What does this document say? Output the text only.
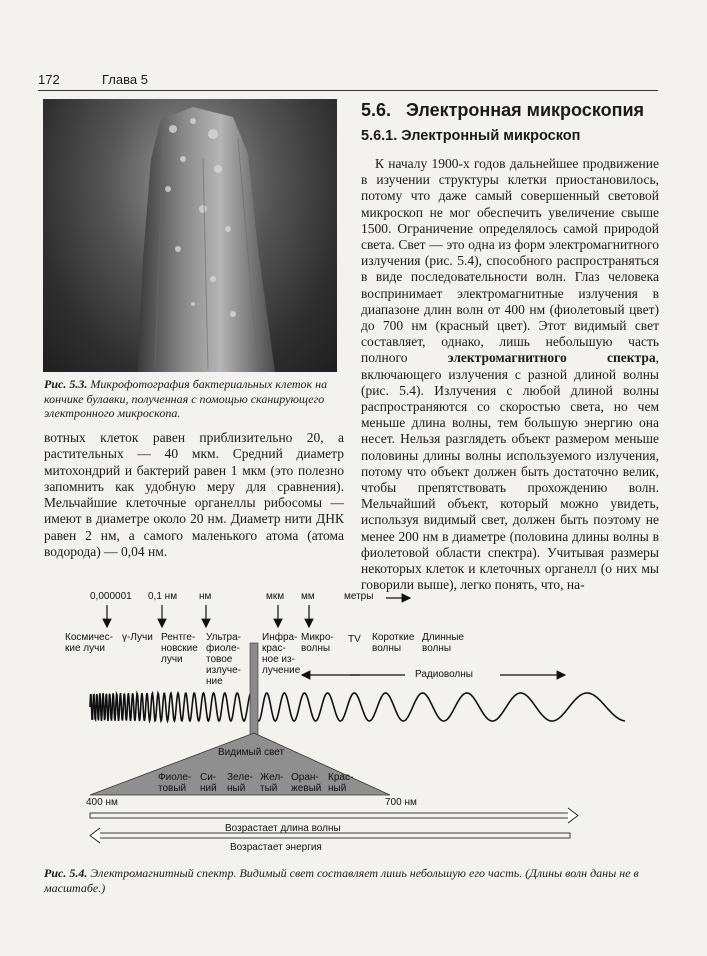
172	Глава 5
Рис. 5.3. Микрофотография бактериальных клеток на кончике булавки, полученная с помощью сканирующего электронного микроскопа.
вотных клеток равен приблизительно 20, а растительных — 40 мкм. Средний диаметр митохондрий и бактерий равен 1 мкм (это полезно запомнить как удобную меру для сравнения). Мельчайшие клеточные органеллы рибосомы — имеют в диаметре около 20 нм. Диаметр нити ДНК равен 2 нм, а самого маленького атома (атома водорода) — 0,04 нм.
5.6.   Электронная микроскопия
5.6.1. Электронный микроскоп
К началу 1900-х годов дальнейшее продвижение в изучении структуры клетки приостановилось, потому что даже самый совершенный световой микроскоп не мог обеспечить увеличение свыше 1500. Ограничение определялось самой природой света. Свет — это одна из форм электромагнитного излучения (рис. 5.4), способного распространяться в виде последовательности волн. Глаз человека воспринимает электромагнитные излучения в диапазоне длин волн от 400 нм (фиолетовый цвет) до 700 нм (красный цвет). Этот видимый свет составляет, однако, лишь небольшую часть полного электромагнитного спектра, включающего излучения с разной длиной волны (рис. 5.4). Излучения с любой длиной волны распространяются со скоростью света, но чем меньше длина волны, тем большую энергию она несет. Нельзя разглядеть объект размером меньше половины длины волны используемого излучения, потому что объект должен быть достаточно велик, чтобы препятствовать прохождению волн. Мельчайший объект, который можно увидеть, используя видимый свет, должен быть поэтому не менее 200 нм в диаметре (половина длины волны в фиолетовой области спектра). Учитывая размеры некоторых клеток и клеточных органелл (о них мы говорили выше), легко понять, что, на-
0,000001 0,1 нм нм	мкм мм	метры
Космичес-
кие лучи
γ-Лучи Рентге-
новские
лучи
Ультра-
фиоле-
товое
излуче-
ние
Инфра-
крас-
ное из-
лучение
Микро-
волны
TV Короткие
волны
Длинные
волны
Радиоволны
Видимый свет
Фиоле-
товый
Си-
ний
Зеле-
ный
Жел-
тый
Оран-
жевый
Крас-
ный
400 нм	700 нм
Возрастает длина волны
Возрастает энергия
Рис. 5.4. Электромагнитный спектр. Видимый свет составляет лишь небольшую его часть. (Длины волн даны не в масштабе.)
